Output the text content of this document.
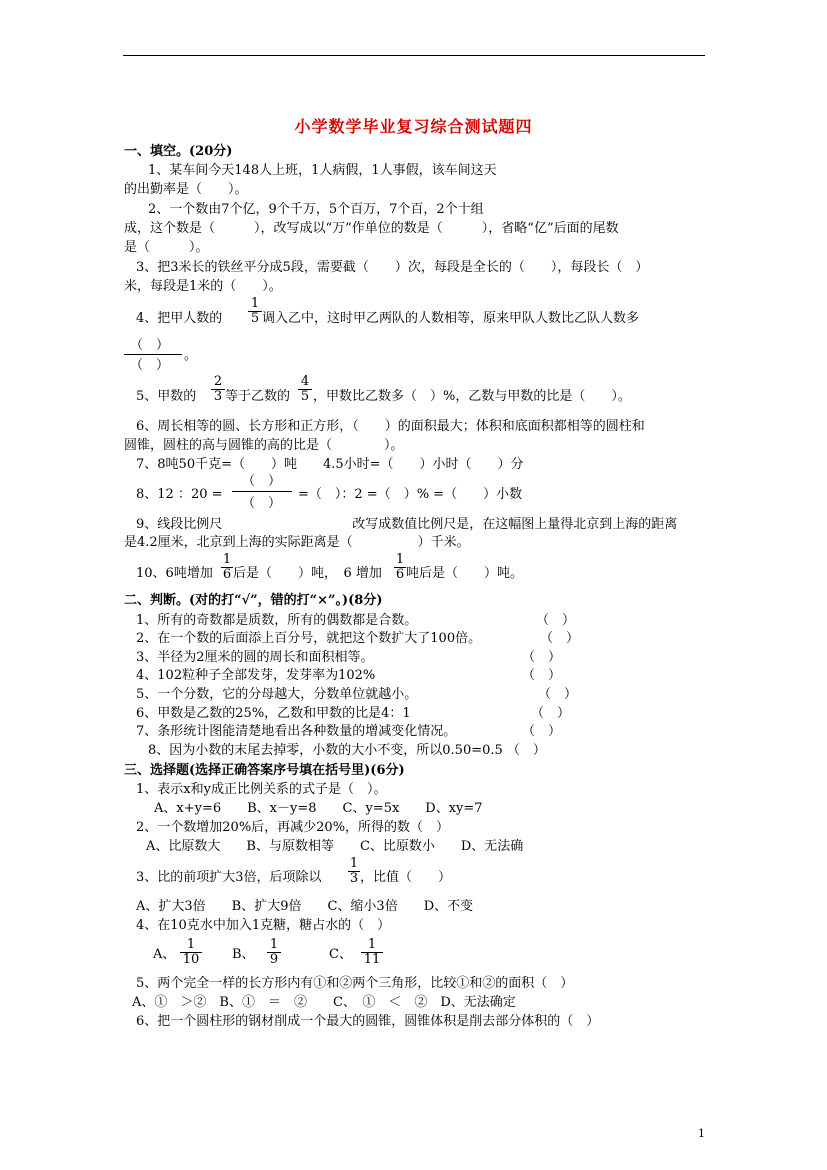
小学数学毕业复习综合测试题四
一、填空。(20分)
1、某车间今天148人上班，1人病假，1人事假，该车间这天
的出勤率是（　　）。
2、一个数由7个亿，9个千万，5个百万，7个百，2个十组
成，这个数是（　　　），改写成以“万”作单位的数是（　　　），省略“亿”后面的尾数
是（　　　）。
3、把3米长的铁丝平分成5段，需要截（　　）次，每段是全长的（　　），每段长（　）
米，每段是1米的（　　）。
4、把甲人数的 $\frac{1}{5}$ 调入乙中，这时甲乙两队的人数相等，原来甲队人数比乙队人数多
（　）
（　）
。
5、甲数的 $\frac{2}{3}$ 等于乙数的 $\frac{4}{5}$ ，甲数比乙数多（　）%，乙数与甲数的比是（　　）。
6、周长相等的圆、长方形和正方形，（　　）的面积最大；体积和底面积都相等的圆柱和
圆锥，圆柱的高与圆锥的高的比是（　　　　）。
7、8吨50千克=（　　）吨　　4.5小时=（　　）小时（　　）分
8、12 ：20 =
（　）
（　）
=（　）：2 =（　）% =（　　）小数
9、线段比例尺　　　　　　　　　　改写成数值比例尺是，在这幅图上量得北京到上海的距离
是4.2厘米，北京到上海的实际距离是（　　　　　）千米。
10、6吨增加 $\frac{1}{6}$ 后是（　　）吨，　6 增加 $\frac{1}{6}$ 吨后是（　　）吨。
二、判断。(对的打“√”，错的打“×”。)(8分)
1、所有的奇数都是质数，所有的偶数都是合数。	（　）
2、在一个数的后面添上百分号，就把这个数扩大了100倍。	（　）
3、半径为2厘米的圆的周长和面积相等。	（　）
4、102粒种子全部发芽，发芽率为102%	（　）
5、一个分数，它的分母越大，分数单位就越小。	（　）
6、甲数是乙数的25%，乙数和甲数的比是4：1	（　）
7、条形统计图能清楚地看出各种数量的增减变化情况。	（　）
8、因为小数的末尾去掉零，小数的大小不变，所以0.50=0.5 （　）
三、选择题(选择正确答案序号填在括号里)(6分)
1、表示x和y成正比例关系的式子是（　）。
A、x+y=6　　B、x－y=8　　C、y=5x　　D、xy=7
2、一个数增加20%后，再减少20%，所得的数（　）
A、比原数大　　B、与原数相等　　C、比原数小　　D、无法确
3、比的前项扩大3倍，后项除以 $\frac{1}{3}$ ，比值（　　）
A、扩大3倍　　B、扩大9倍　　C、缩小3倍　　D、不变
4、在10克水中加入1克糖，糖占水的（　）
A、 $\frac{1}{10}$ B、 $\frac{1}{9}$	C、 $\frac{1}{11}$
5、两个完全一样的长方形内有①和②两个三角形，比较①和②的面积（　）
A、①　＞②　B、①　＝　②　　C、　①　＜　②　D、无法确定
6、把一个圆柱形的钢材削成一个最大的圆锥，圆锥体积是削去部分体积的（　）
1
